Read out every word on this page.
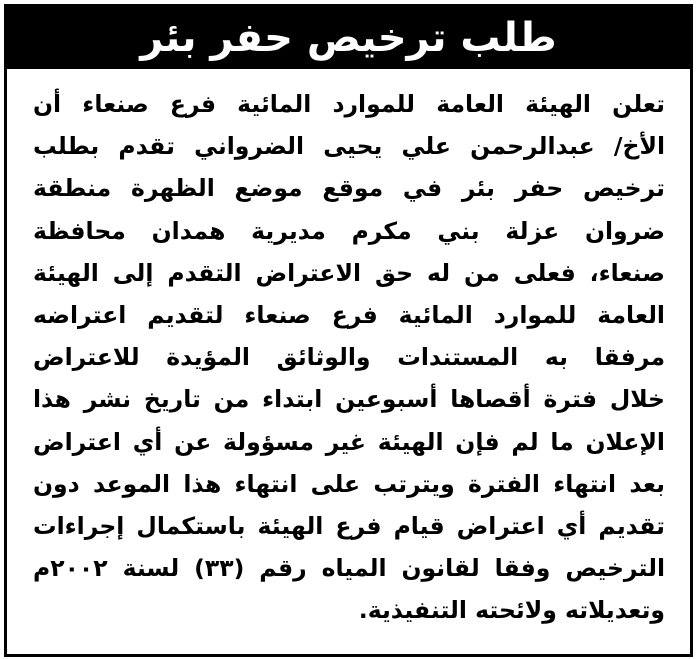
طلب ترخيص حفر بئر
تعلن الهيئة العامة للموارد المائية فرع صنعاء أن
الأخ/ عبدالرحمن علي يحيى الضرواني تقدم بطلب
ترخيص حفر بئر في موقع موضع الظهرة منطقة
ضروان عزلة بني مكرم مديرية همدان محافظة
صنعاء، فعلى من له حق الاعتراض التقدم إلى الهيئة
العامة للموارد المائية فرع صنعاء لتقديم اعتراضه
مرفقا به المستندات والوثائق المؤيدة للاعتراض
خلال فترة أقصاها أسبوعين ابتداء من تاريخ نشر هذا
الإعلان ما لم فإن الهيئة غير مسؤولة عن أي اعتراض
بعد انتهاء الفترة ويترتب على انتهاء هذا الموعد دون
تقديم أي اعتراض قيام فرع الهيئة باستكمال إجراءات
الترخيص وفقا لقانون المياه رقم (٣٣) لسنة ٢٠٠٢م
وتعديلاته ولائحته التنفيذية.
